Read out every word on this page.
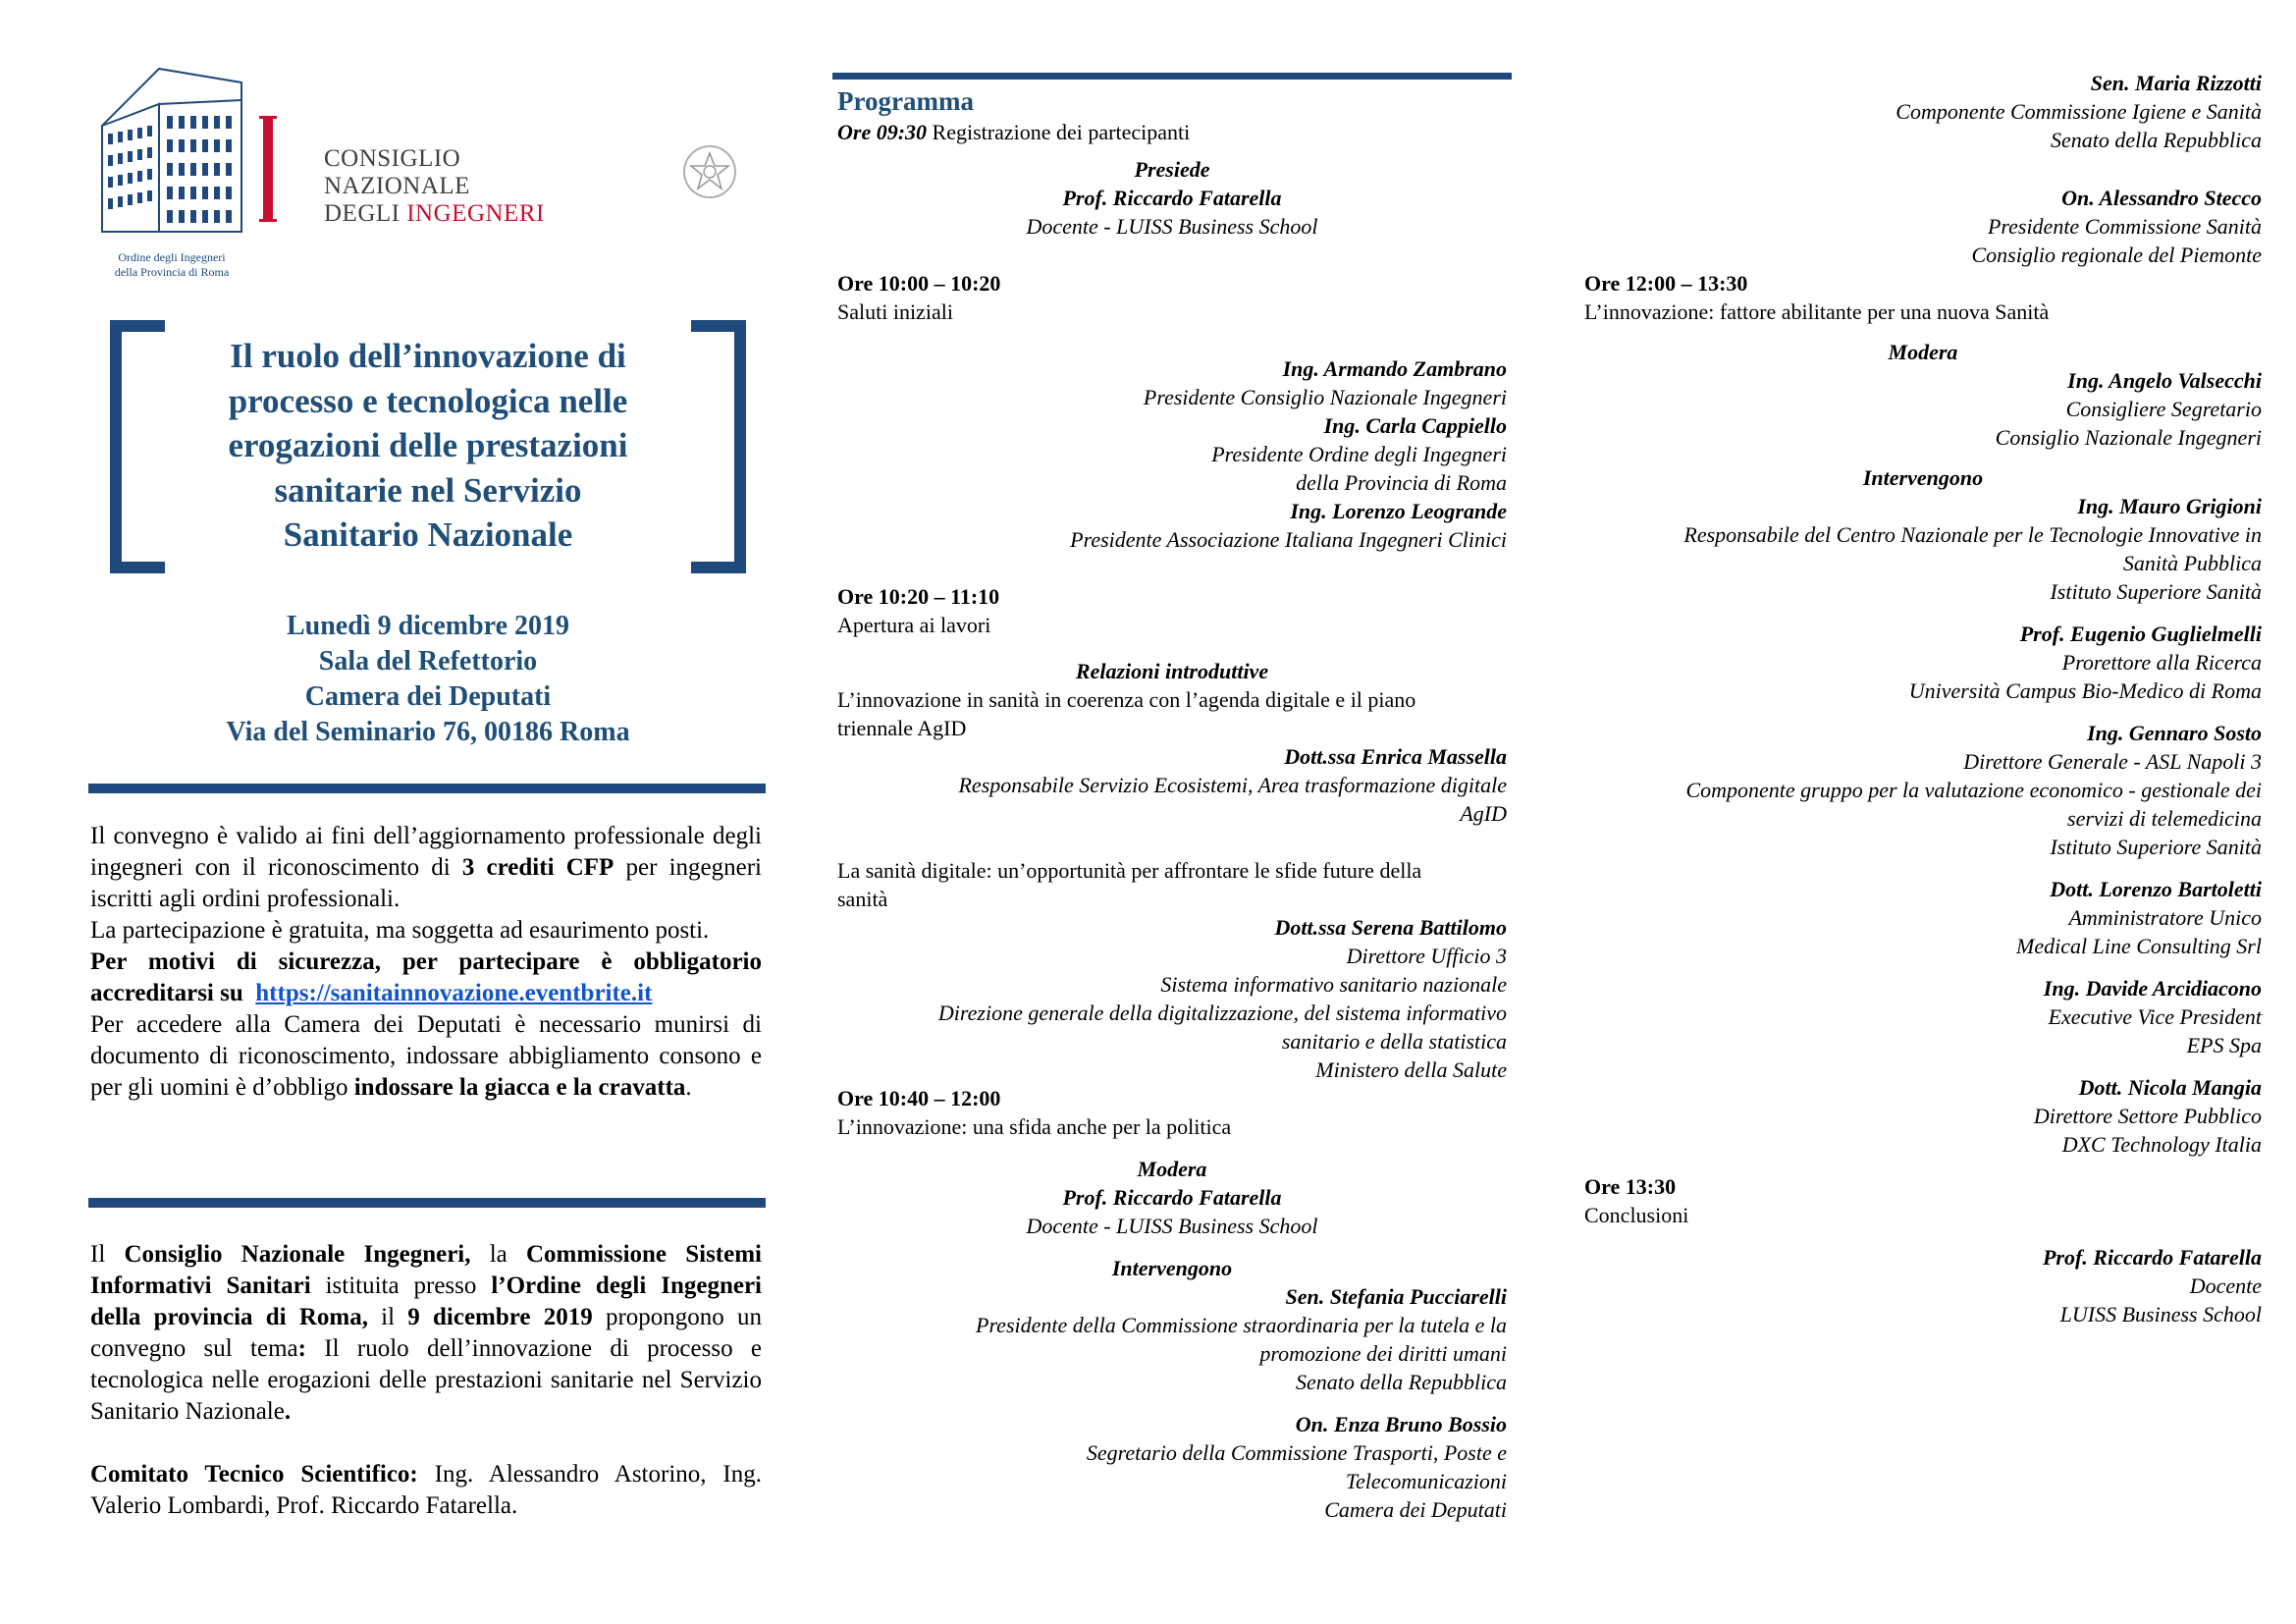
Ordine degli Ingegneri
della Provincia di Roma
CONSIGLIO NAZIONALE
DEGLI INGEGNERI
Il ruolo dell’innovazione di
processo e tecnologica nelle
erogazioni delle prestazioni
sanitarie nel Servizio
Sanitario Nazionale
Lunedì 9 dicembre 2019
Sala del Refettorio
Camera dei Deputati
Via del Seminario 76, 00186 Roma

Il convegno è valido ai fini dell’aggiornamento professionale degli ingegneri con il riconoscimento di 3 crediti CFP per ingegneri iscritti agli ordini professionali.

La partecipazione è gratuita, ma soggetta ad esaurimento posti.

Per motivi di sicurezza, per partecipare è obbligatorio accreditarsi su https://sanitainnovazione.eventbrite.it

Per accedere alla Camera dei Deputati è necessario munirsi di documento di riconoscimento, indossare abbigliamento consono e per gli uomini è d’obbligo indossare la giacca e la cravatta.

Il Consiglio Nazionale Ingegneri, la Commissione Sistemi Informativi Sanitari istituita presso l’Ordine degli Ingegneri della provincia di Roma, il 9 dicembre 2019 propongono un convegno sul tema: Il ruolo dell’innovazione di processo e tecnologica nelle erogazioni delle prestazioni sanitarie nel Servizio Sanitario Nazionale.

Comitato Tecnico Scientifico: Ing. Alessandro Astorino, Ing. Valerio Lombardi, Prof. Riccardo Fatarella.

Programma

Ore 09:30 Registrazione dei partecipanti

Presiede

Prof. Riccardo Fatarella

Docente - LUISS Business School

Ore 10:00 – 10:20

Saluti iniziali

Ing. Armando Zambrano

Presidente Consiglio Nazionale Ingegneri

Ing. Carla Cappiello

Presidente Ordine degli Ingegneri

della Provincia di Roma

Ing. Lorenzo Leogrande

Presidente Associazione Italiana Ingegneri Clinici

Ore 10:20 – 11:10

Apertura ai lavori

Relazioni introduttive

L’innovazione in sanità in coerenza con l’agenda digitale e il piano

triennale AgID

Dott.ssa Enrica Massella

Responsabile Servizio Ecosistemi, Area trasformazione digitale

AgID

La sanità digitale: un’opportunità per affrontare le sfide future della

sanità

Dott.ssa Serena Battilomo

Direttore Ufficio 3

Sistema informativo sanitario nazionale

Direzione generale della digitalizzazione, del sistema informativo

sanitario e della statistica

Ministero della Salute

Ore 10:40 – 12:00

L’innovazione: una sfida anche per la politica

Modera

Prof. Riccardo Fatarella

Docente - LUISS Business School

Intervengono

Sen. Stefania Pucciarelli

Presidente della Commissione straordinaria per la tutela e la

promozione dei diritti umani

Senato della Repubblica

On. Enza Bruno Bossio

Segretario della Commissione Trasporti, Poste e

Telecomunicazioni

Camera dei Deputati

Sen. Maria Rizzotti

Componente Commissione Igiene e Sanità

Senato della Repubblica

On. Alessandro Stecco

Presidente Commissione Sanità

Consiglio regionale del Piemonte

Ore 12:00 – 13:30

L’innovazione: fattore abilitante per una nuova Sanità

Modera

Ing. Angelo Valsecchi

Consigliere Segretario

Consiglio Nazionale Ingegneri

Intervengono

Ing. Mauro Grigioni

Responsabile del Centro Nazionale per le Tecnologie Innovative in

Sanità Pubblica

Istituto Superiore Sanità

Prof. Eugenio Guglielmelli

Prorettore alla Ricerca

Università Campus Bio-Medico di Roma

Ing. Gennaro Sosto

Direttore Generale - ASL Napoli 3

Componente gruppo per la valutazione economico - gestionale dei

servizi di telemedicina

Istituto Superiore Sanità

Dott. Lorenzo Bartoletti

Amministratore Unico

Medical Line Consulting Srl

Ing. Davide Arcidiacono

Executive Vice President

EPS Spa

Dott. Nicola Mangia

Direttore Settore Pubblico

DXC Technology Italia

Ore 13:30

Conclusioni

Prof. Riccardo Fatarella

Docente

LUISS Business School
